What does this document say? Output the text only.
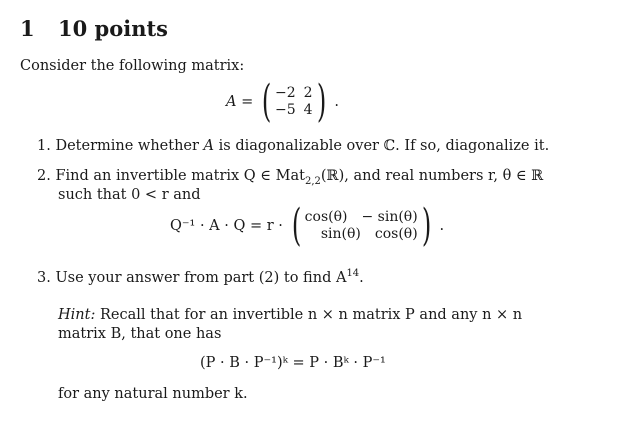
1 10 points
Consider the following matrix:
A = ( −2 2
−5 4 ) .
1. Determine whether A is diagonalizable over ℂ. If so, diagonalize it.
2. Find an invertible matrix Q ∈ Mat$_{2,2}$(ℝ), and real numbers r, θ ∈ ℝ
such that 0 < r and
Q⁻¹ · A · Q = r · ( cos(θ) − sin(θ)
sin(θ) cos(θ) ) .
3. Use your answer from part (2) to find $A^{14}$.
Hint: Recall that for an invertible n × n matrix P and any n × n
matrix B, that one has
(P · B · P⁻¹)ᵏ = P · Bᵏ · P⁻¹
for any natural number k.
